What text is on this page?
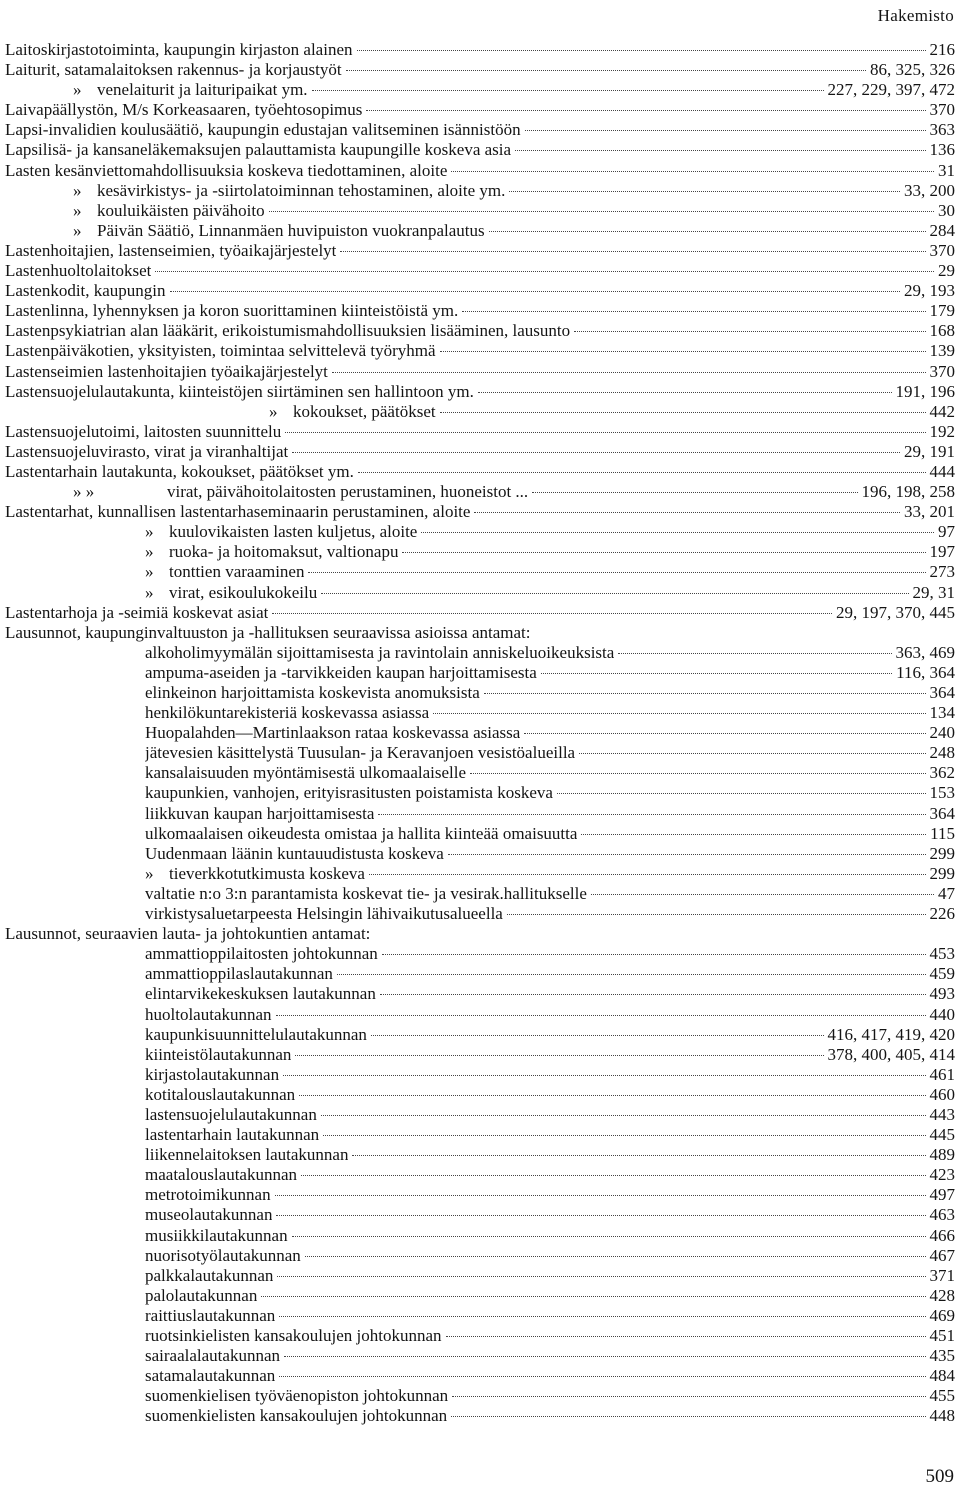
Hakemisto
Laitoskirjastotoiminta, kaupungin kirjaston alainen	216
Laiturit, satamalaitoksen rakennus- ja korjaustyöt	86, 325, 326
» venelaiturit ja laituripaikat ym.	227, 229, 397, 472
Laivapäällystön, M/s Korkeasaaren, työehtosopimus	370
Lapsi-invalidien koulusäätiö, kaupungin edustajan valitseminen isännistöön	363
Lapsilisä- ja kansaneläkemaksujen palauttamista kaupungille koskeva asia	136
Lasten kesänviettomahdollisuuksia koskeva tiedottaminen, aloite	31
» kesävirkistys- ja -siirtolatoiminnan tehostaminen, aloite ym.	33, 200
» kouluikäisten päivähoito	30
» Päivän Säätiö, Linnanmäen huvipuiston vuokranpalautus	284
Lastenhoitajien, lastenseimien, työaikajärjestelyt	370
Lastenhuoltolaitokset	29
Lastenkodit, kaupungin	29, 193
Lastenlinna, lyhennyksen ja koron suorittaminen kiinteistöistä ym.	179
Lastenpsykiatrian alan lääkärit, erikoistumismahdollisuuksien lisääminen, lausunto	168
Lastenpäiväkotien, yksityisten, toimintaa selvittelevä työryhmä	139
Lastenseimien lastenhoitajien työaikajärjestelyt	370
Lastensuojelulautakunta, kiinteistöjen siirtäminen sen hallintoon ym.	191, 196
» kokoukset, päätökset	442
Lastensuojelutoimi, laitosten suunnittelu	192
Lastensuojeluvirasto, virat ja viranhaltijat	29, 191
Lastentarhain lautakunta, kokoukset, päätökset ym.	444
» »	virat, päivähoitolaitosten perustaminen, huoneistot ...	196, 198, 258
Lastentarhat, kunnallisen lastentarhaseminaarin perustaminen, aloite	33, 201
» kuulovikaisten lasten kuljetus, aloite	97
» ruoka- ja hoitomaksut, valtionapu	197
» tonttien varaaminen	273
» virat, esikoulukokeilu	29, 31
Lastentarhoja ja -seimiä koskevat asiat	29, 197, 370, 445
Lausunnot, kaupunginvaltuuston ja -hallituksen seuraavissa asioissa antamat:
alkoholimyymälän sijoittamisesta ja ravintolain anniskeluoikeuksista	363, 469
ampuma-aseiden ja -tarvikkeiden kaupan harjoittamisesta	116, 364
elinkeinon harjoittamista koskevista anomuksista	364
henkilökuntarekisteriä koskevassa asiassa	134
Huopalahden—Martinlaakson rataa koskevassa asiassa	240
jätevesien käsittelystä Tuusulan- ja Keravanjoen vesistöalueilla	248
kansalaisuuden myöntämisestä ulkomaalaiselle	362
kaupunkien, vanhojen, erityisrasitusten poistamista koskeva	153
liikkuvan kaupan harjoittamisesta	364
ulkomaalaisen oikeudesta omistaa ja hallita kiinteää omaisuutta	115
Uudenmaan läänin kuntauudistusta koskeva	299
» tieverkkotutkimusta koskeva	299
valtatie n:o 3:n parantamista koskevat tie- ja vesirak.hallitukselle	47
virkistysaluetarpeesta Helsingin lähivaikutusalueella	226
Lausunnot, seuraavien lauta- ja johtokuntien antamat:
ammattioppilaitosten johtokunnan	453
ammattioppilaslautakunnan	459
elintarvikekeskuksen lautakunnan	493
huoltolautakunnan	440
kaupunkisuunnittelulautakunnan	416, 417, 419, 420
kiinteistölautakunnan	378, 400, 405, 414
kirjastolautakunnan	461
kotitalouslautakunnan	460
lastensuojelulautakunnan	443
lastentarhain lautakunnan	445
liikennelaitoksen lautakunnan	489
maatalouslautakunnan	423
metrotoimikunnan	497
museolautakunnan	463
musiikkilautakunnan	466
nuorisotyölautakunnan	467
palkkalautakunnan	371
palolautakunnan	428
raittiuslautakunnan	469
ruotsinkielisten kansakoulujen johtokunnan	451
sairaalalautakunnan	435
satamalautakunnan	484
suomenkielisen työväenopiston johtokunnan	455
suomenkielisten kansakoulujen johtokunnan	448
509
